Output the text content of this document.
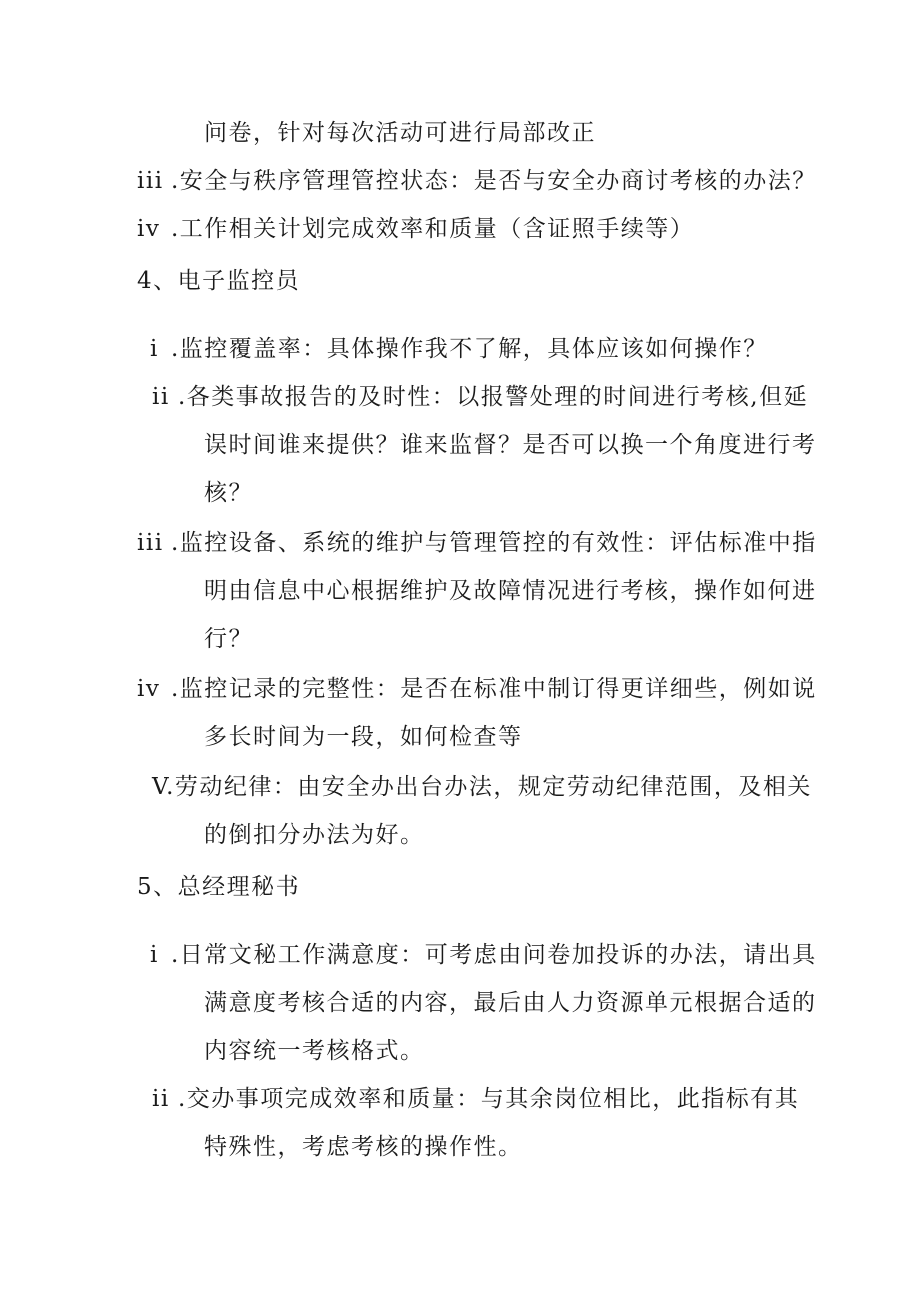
问卷，针对每次活动可进行局部改正
iii .安全与秩序管理管控状态：是否与安全办商讨考核的办法？
iv .工作相关计划完成效率和质量（含证照手续等）
4、电子监控员
i .监控覆盖率：具体操作我不了解，具体应该如何操作？
ii .各类事故报告的及时性：以报警处理的时间进行考核,但延
误时间谁来提供？谁来监督？是否可以换一个角度进行考
核？
iii .监控设备、系统的维护与管理管控的有效性：评估标准中指
明由信息中心根据维护及故障情况进行考核，操作如何进
行？
iv .监控记录的完整性：是否在标准中制订得更详细些，例如说
多长时间为一段，如何检查等
V.劳动纪律：由安全办出台办法，规定劳动纪律范围，及相关
的倒扣分办法为好。
5、总经理秘书
i .日常文秘工作满意度：可考虑由问卷加投诉的办法，请出具
满意度考核合适的内容，最后由人力资源单元根据合适的
内容统一考核格式。
ii .交办事项完成效率和质量：与其余岗位相比，此指标有其
特殊性，考虑考核的操作性。
